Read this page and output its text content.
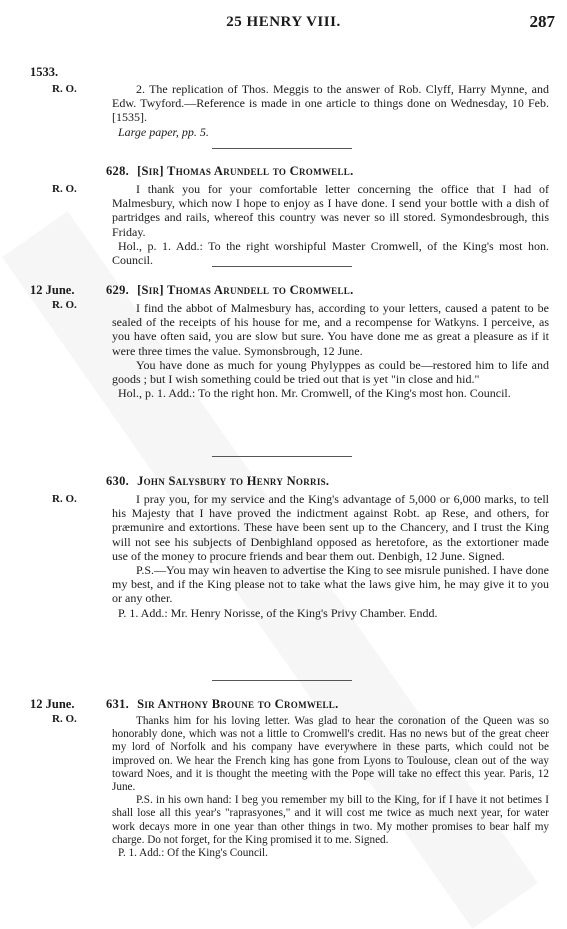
25 HENRY VIII.	287
1533.
R. O.	2. The replication of Thos. Meggis to the answer of Rob. Clyff, Harry Mynne, and Edw. Twyford.—Reference is made in one article to things done on Wednesday, 10 Feb. [1535].

Large paper, pp. 5.

R. O.
628. [Sir] Thomas Arundell to Cromwell.

I thank you for your comfortable letter concerning the office that I had of Malmesbury, which now I hope to enjoy as I have done. I send your bottle with a dish of partridges and rails, whereof this country was never so ill stored. Symondesbrough, this Friday.

Hol., p. 1. Add.: To the right worshipful Master Cromwell, of the King's most hon. Council.

12 June.
R. O.
629. [Sir] Thomas Arundell to Cromwell.

I find the abbot of Malmesbury has, according to your letters, caused a patent to be sealed of the receipts of his house for me, and a recompense for Watkyns. I perceive, as you have often said, you are slow but sure. You have done me as great a pleasure as if it were three times the value. Symonsbrough, 12 June.

You have done as much for young Phylyppes as could be—restored him to life and goods ; but I wish something could be tried out that is yet "in close and hid."

Hol., p. 1. Add.: To the right hon. Mr. Cromwell, of the King's most hon. Council.

R. O.
630. John Salysbury to Henry Norris.

I pray you, for my service and the King's advantage of 5,000 or 6,000 marks, to tell his Majesty that I have proved the indictment against Robt. ap Rese, and others, for præmunire and extortions. These have been sent up to the Chancery, and I trust the King will not see his subjects of Denbighland opposed as heretofore, as the extortioner made use of the money to procure friends and bear them out. Denbigh, 12 June. Signed.

P.S.—You may win heaven to advertise the King to see misrule punished. I have done my best, and if the King please not to take what the laws give him, he may give it to you or any other.

P. 1. Add.: Mr. Henry Norisse, of the King's Privy Chamber. Endd.

12 June.
R. O.
631. Sir Anthony Broune to Cromwell.

Thanks him for his loving letter. Was glad to hear the coronation of the Queen was so honorably done, which was not a little to Cromwell's credit. Has no news but of the great cheer my lord of Norfolk and his company have everywhere in these parts, which could not be improved on. We hear the French king has gone from Lyons to Toulouse, clean out of the way toward Noes, and it is thought the meeting with the Pope will take no effect this year. Paris, 12 June.

P.S. in his own hand: I beg you remember my bill to the King, for if I have it not betimes I shall lose all this year's "raprasyones," and it will cost me twice as much next year, for water work decays more in one year than other things in two. My mother promises to bear half my charge. Do not forget, for the King promised it to me. Signed.

P. 1. Add.: Of the King's Council.
